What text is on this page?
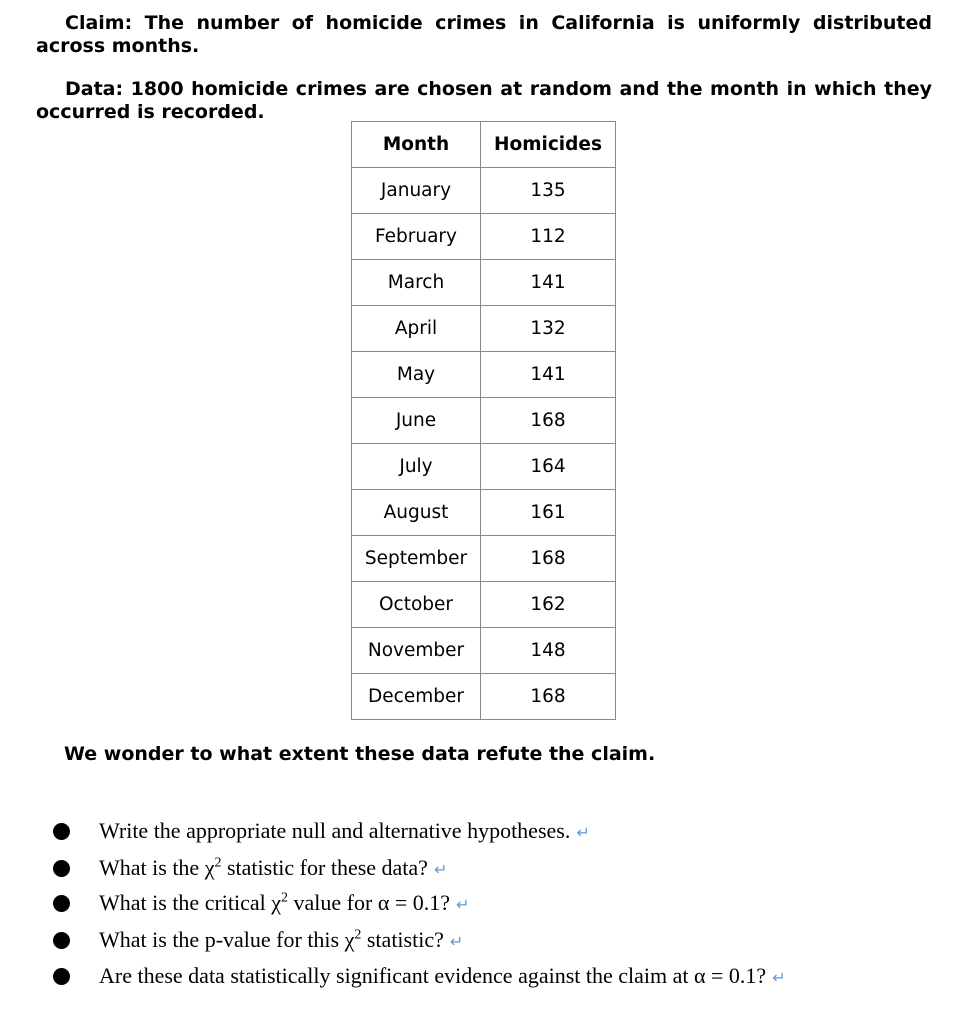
Claim: The number of homicide crimes in California is uniformly distributed across months.
Data: 1800 homicide crimes are chosen at random and the month in which they occurred is recorded.
Month	Homicides
January	135
February	112
March	141
April	132
May	141
June	168
July	164
August	161
September	168
October	162
November	148
December	168
We wonder to what extent these data refute the claim.
Write the appropriate null and alternative hypotheses. ↵
What is the $\chi^2$ statistic for these data? ↵
What is the critical $\chi^2$ value for α = 0.1? ↵
What is the p-value for this $\chi^2$ statistic? ↵
Are these data statistically significant evidence against the claim at α = 0.1? ↵
